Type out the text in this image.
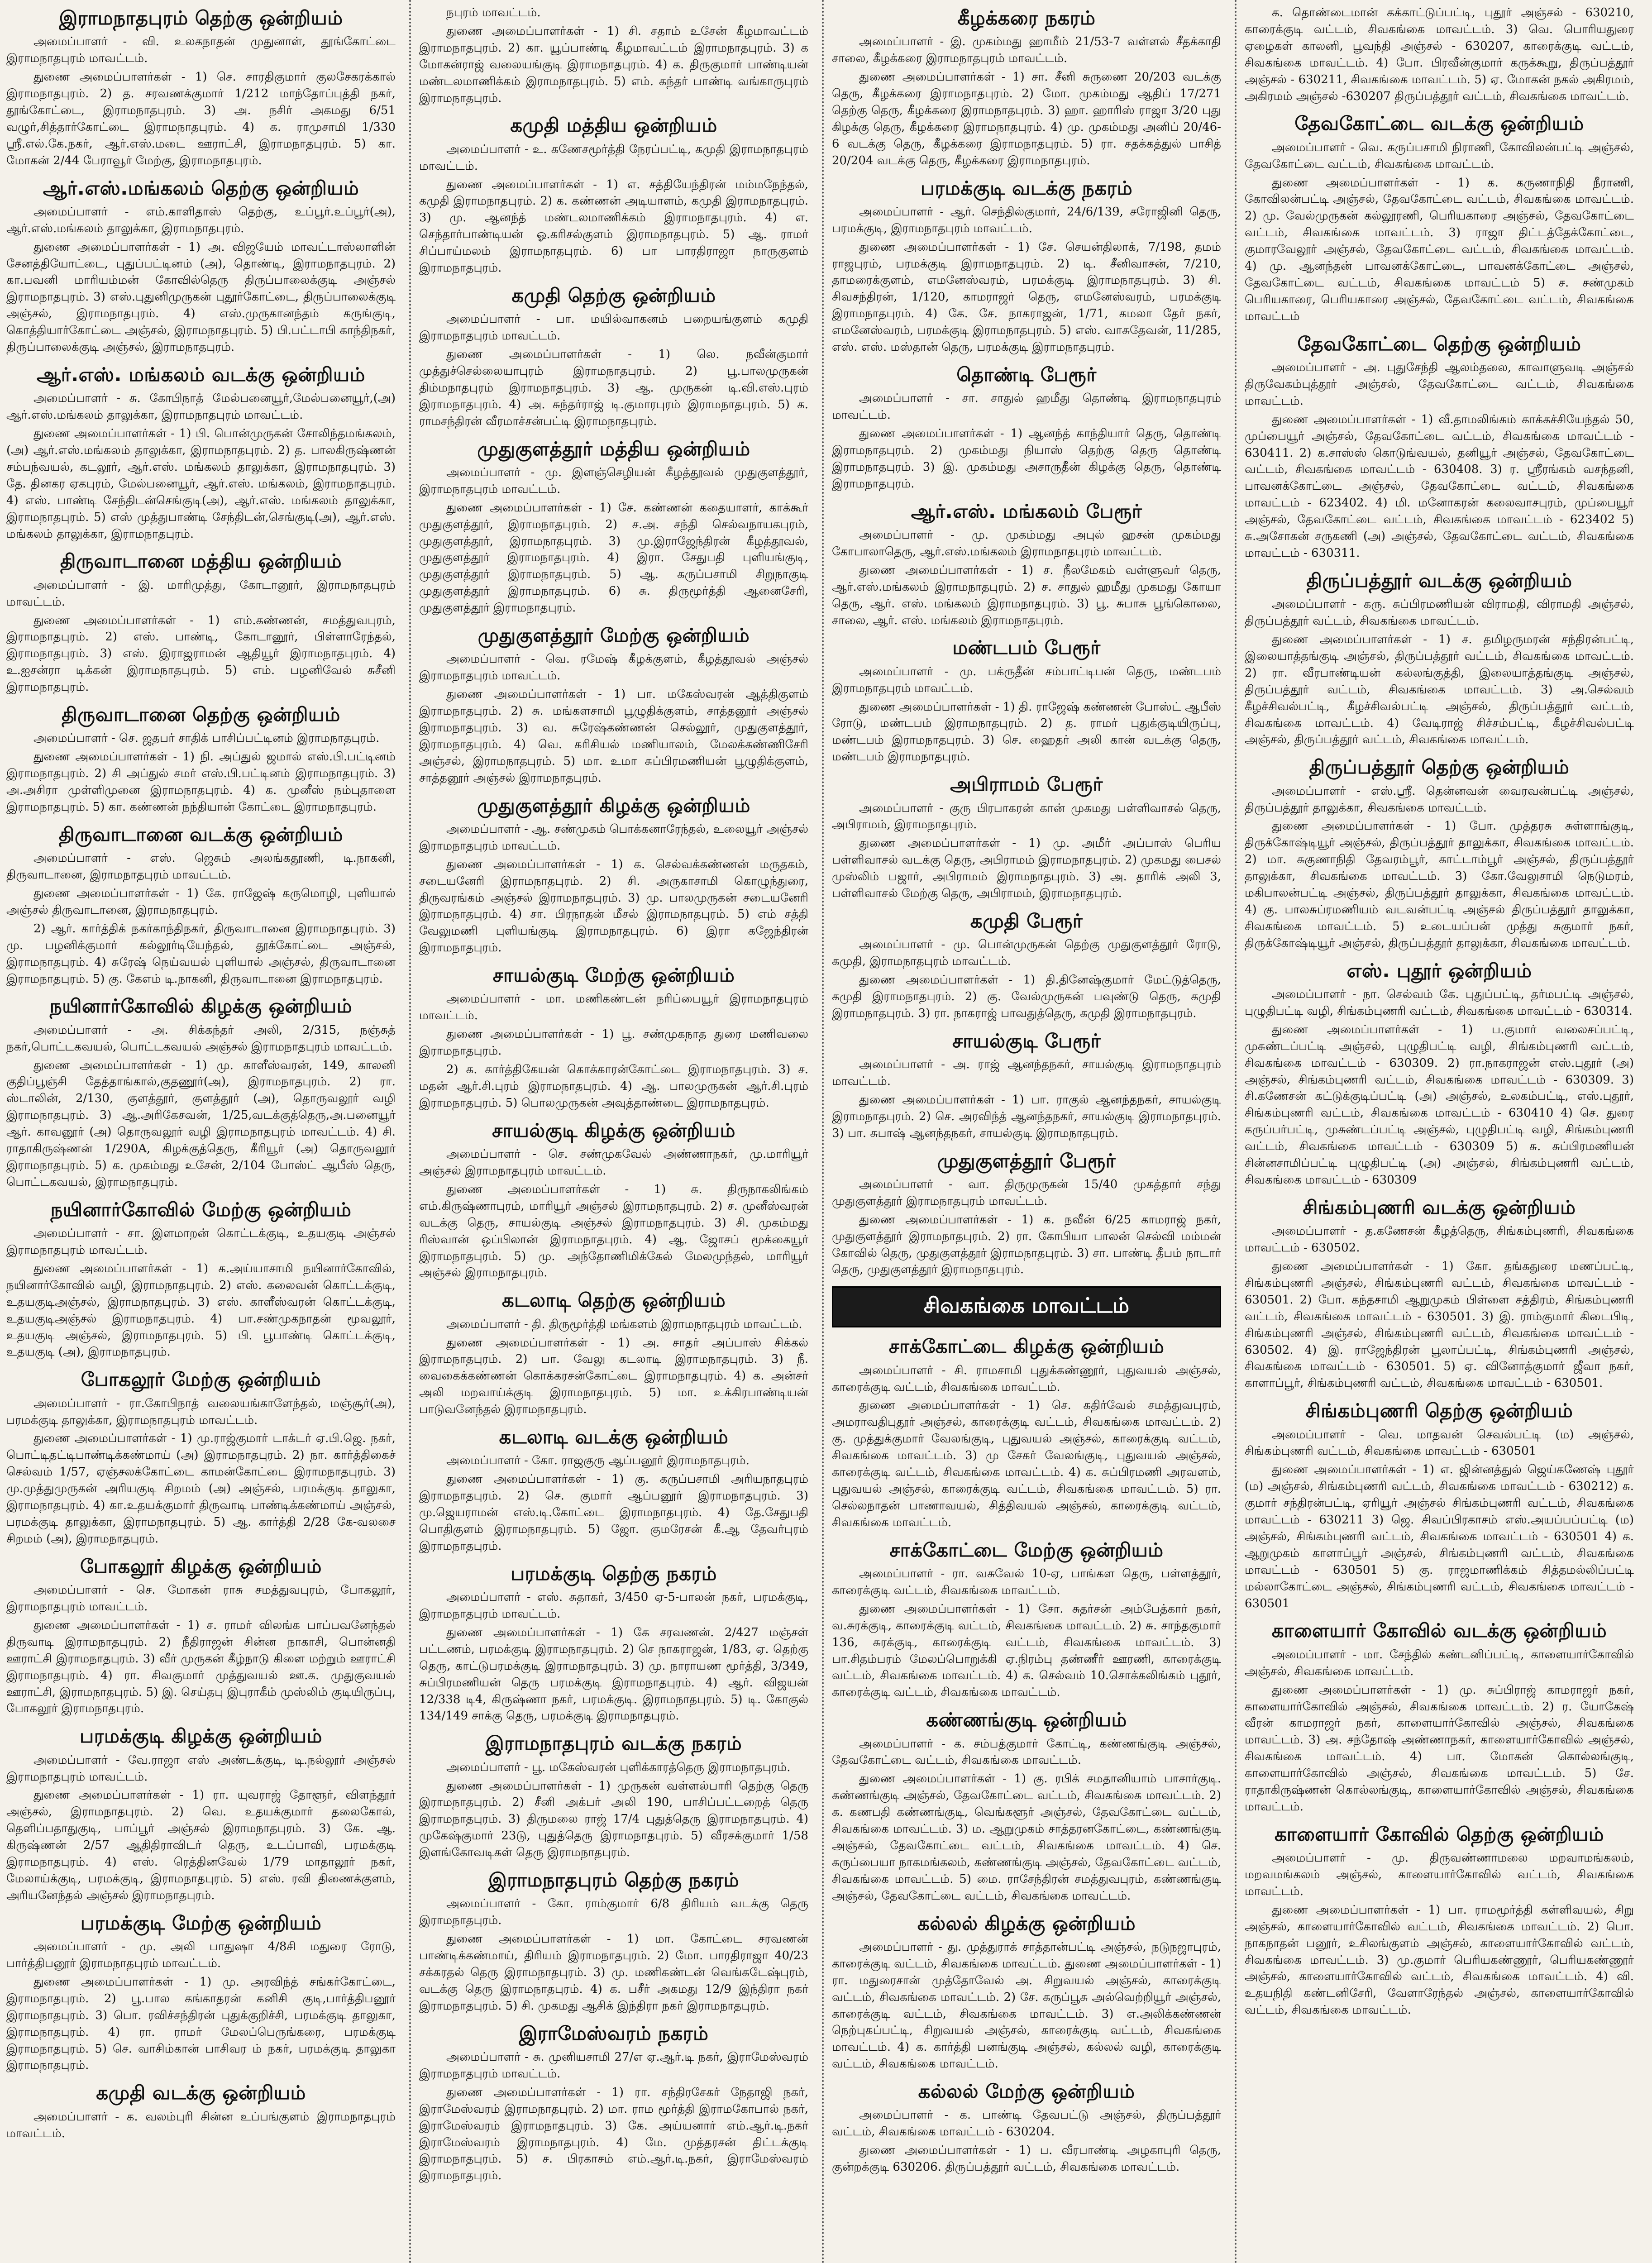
இராமநாதபுரம் தெற்கு ஒன்றியம்
அமைப்பாளர் - வி. உலகநாதன் முதுனாள், தூங்கோட்டை இராமநாதபுரம் மாவட்டம்.
துணை அமைப்பாளர்கள் - 1) செ. சாரதிகுமார் குலசேகரக்கால் இராமநாதபுரம். 2) த. சரவணக்குமார் 1/212 மாந்தோப்புத்தி நகர், தூங்கோட்டை, இராமநாதபுரம். 3) அ. நசிர் அகமது 6/51 வழுர்,சித்தார்கோட்டை இராமநாதபுரம். 4) க. ராமுசாமி 1/330 ஸ்ரீ.எல்.கே.நகர், ஆர்.எஸ்.மடை ஊராட்சி, இராமநாதபுரம். 5) கா. மோகன் 2/44 பேராவூர் மேற்கு, இராமநாதபுரம்.
ஆர்.எஸ்.மங்கலம் தெற்கு ஒன்றியம்
அமைப்பாளர் - எம்.காளிதாஸ் தெற்கு, உப்பூர்.உப்பூர்(அ), ஆர்.எஸ்.மங்கலம் தாலுக்கா, இராமநாதபுரம்.
துணை அமைப்பாளர்கள் - 1) அ. விஜயேம் மாவட்டாஸ்லாளின் சேனத்தியோட்டை, புதுப்பட்டினம் (அ), தொண்டி, இராமநாதபுரம். 2) கா.பவனி மாரியம்மன் கோவில்தெரு திருப்பாலைக்குடி அஞ்சல் இராமநாதபுரம். 3) எஸ்.புதுனிமுருகன் புதூர்கோட்டை, திருப்பாலைக்குடி அஞ்சல், இராமநாதபுரம். 4) எஸ்.முருகானந்தம் கருங்குடி, கொத்தியார்கோட்டை அஞ்சல், இராமநாதபுரம். 5) பி.பட்டாபி காந்திநகர், திருப்பாலைக்குடி அஞ்சல், இராமநாதபுரம்.
ஆர்.எஸ். மங்கலம் வடக்கு ஒன்றியம்
அமைப்பாளர் - சு. கோபிநாத் மேல்பனையூர்,மேல்பனையூர்,(அ) ஆர்.எஸ்.மங்கலம் தாலுக்கா, இராமநாதபுரம் மாவட்டம்.
துணை அமைப்பாளர்கள் - 1) பி. பொன்முருகன் சோலிந்தமங்கலம், (அ) ஆர்.எஸ்.மங்கலம் தாலுக்கா, இராமநாதபுரம். 2) த. பாலகிருஷ்ணன் சம்பந்வயல், கடலூர், ஆர்.எஸ். மங்கலம் தாலுக்கா, இராமநாதபுரம். 3) தே. தினகர ஏகபுரம், மேல்பனையூர், ஆர்.எஸ். மங்கலம், இராமநாதபுரம். 4) எஸ். பாண்டி சேந்திடன்செங்குடி(அ), ஆர்.எஸ். மங்கலம் தாலுக்கா, இராமநாதபுரம். 5) எஸ் முத்துபாண்டி சேந்திடன்,செங்குடி(அ), ஆர்.எஸ். மங்கலம் தாலுக்கா, இராமநாதபுரம்.
திருவாடானை மத்திய ஒன்றியம்
அமைப்பாளர் - இ. மாரிமுத்து, கோடானூர், இராமநாதபுரம் மாவட்டம்.
துணை அமைப்பாளர்கள் - 1) எம்.கண்ணன், சமத்துவபுரம், இராமநாதபுரம். 2) எஸ். பாண்டி, கோடானூர், பிள்ளாரேந்தல், இராமநாதபுரம். 3) எஸ். இராஜராமன் ஆதியூர் இராமநாதபுரம். 4) உ.ஐசன்ரா டிக்கன் இராமநாதபுரம். 5) எம். பழனிவேல் சுசீனி இராமநாதபுரம்.
திருவாடானை தெற்கு ஒன்றியம்
அமைப்பாளர் - செ. ஜதபர் சாதிக் பாசிப்பட்டினம் இராமநாதபுரம்.
துணை அமைப்பாளர்கள் - 1) நி. அப்துல் ஜமால் எஸ்.பி.பட்டினம் இராமநாதபுரம். 2) சி அப்துல் சமர் எஸ்.பி.பட்டினம் இராமநாதபுரம். 3) அ.அசிரா முள்ளிமுனை இராமநாதபுரம். 4) க. முனீஸ் நம்புதாளை இராமநாதபுரம். 5) கா. கண்ணன் நந்தியான் கோட்டை இராமநாதபுரம்.
திருவாடானை வடக்கு ஒன்றியம்
அமைப்பாளர் - எஸ். ஜெசும் அலங்கதூணி, டி.நாகனி, திருவாடானை, இராமநாதபுரம் மாவட்டம்.
துணை அமைப்பாளர்கள் - 1) கே. ராஜேஷ் கருமொழி, புளியால் அஞ்சல் திருவாடானை, இராமநாதபுரம்.
2) ஆர். கார்த்திக் நகர்காந்திநகர், திருவாடானை இராமநாதபுரம். 3) மு. பழனிக்குமார் கல்லூர்டியேந்தல், தூக்கோட்டை அஞ்சல், இராமநாதபுரம். 4) சுரேஷ் நெய்வயல் புளியால் அஞ்சல், திருவாடானை இராமநாதபுரம். 5) கு. கேஎம் டி.நாகனி, திருவாடானை இராமநாதபுரம்.
நயினார்கோவில் கிழக்கு ஒன்றியம்
அமைப்பாளர் - அ. சிக்கந்தர் அலி, 2/315, நஞ்சுத் நகர்,பொட்டகவயல், பொட்டகவயல் அஞ்சல் இராமநாதபுரம் மாவட்டம்.
துணை அமைப்பாளர்கள் - 1) மு. காளீஸ்வரன், 149, காலனி குதிப்பூஞ்சி தேத்தாங்கால்,குதணூர்(அ), இராமநாதபுரம். 2) ரா. ஸ்டாலின், 2/130, குளத்தூர், குளத்தூர் (அ), தொருவலூர் வழி இராமநாதபுரம். 3) ஆ.அரிகேசவன், 1/25,வடக்குத்தெரு,அ.பனையூர் ஆர். காவனூர் (அ) தொருவலூர் வழி இராமநாதபுரம் மாவட்டம். 4) சி. ராதாகிருஷ்ணன் 1/290A, கிழக்குத்தெரு, கீரியூர் (அ) தொருவலூர் இராமநாதபுரம். 5) க. முகம்மது உசேன், 2/104 போஸ்ட் ஆபீஸ் தெரு, பொட்டகவயல், இராமநாதபுரம்.
நயினார்கோவில் மேற்கு ஒன்றியம்
அமைப்பாளர் - சா. இளமாறன் கொட்டக்குடி, உதயகுடி அஞ்சல் இராமநாதபுரம் மாவட்டம்.
துணை அமைப்பாளர்கள் - 1) க.அய்யாசாமி நயினார்கோவில், நயினார்கோவில் வழி, இராமநாதபுரம். 2) எஸ். கலைவன் கொட்டக்குடி, உதயகுடிஅஞ்சல், இராமநாதபுரம். 3) எஸ். காளீஸ்வரன் கொட்டக்குடி, உதயகுடிஅஞ்சல் இராமநாதபுரம். 4) பா.சண்முகநாதன் மூவலூர், உதயகுடி அஞ்சல், இராமநாதபுரம். 5) பி. பூபாண்டி கொட்டக்குடி, உதயகுடி (அ), இராமநாதபுரம்.
போகலூர் மேற்கு ஒன்றியம்
அமைப்பாளர் - ரா.கோபிநாத் வலையங்காளேந்தல், மஞ்சூர்(அ), பரமக்குடி தாலுக்கா, இராமநாதபுரம் மாவட்டம்.
துணை அமைப்பாளர்கள் - 1) மு.ராஜ்குமார் டாக்டர் ஏ.பி.ஜெ. நகர், பொட்டிதட்டிபாண்டிக்கண்மாய் (அ) இராமநாதபுரம். 2) நா. கார்த்திகைச் செல்வம் 1/57, ஏஞ்சலக்கோட்டை காமன்கோட்டை இராமநாதபுரம். 3) மு.முத்துமுருகன் அரியகுடி சிறமம் (அ) அஞ்சல், பரமக்குடி தாலுகா, இராமநாதபுரம். 4) கா.உதயக்குமார் திருவாடி பாண்டிக்கண்மாய் அஞ்சல், பரமக்குடி தாலுக்கா, இராமநாதபுரம். 5) ஆ. கார்த்தி 2/28 கே-வலசை சிறமம் (அ), இராமநாதபுரம்.
போகலூர் கிழக்கு ஒன்றியம்
அமைப்பாளர் - செ. மோகன் ராசு சமத்துவபுரம், போகலூர், இராமநாதபுரம் மாவட்டம்.
துணை அமைப்பாளர்கள் - 1) ச. ராமர் விலங்க பாப்பவனேந்தல் திருவாடி இராமநாதபுரம். 2) நீதிராஜன் சின்ன நாகாசி, பொன்னதி ஊராட்சி இராமநாதபுரம். 3) வீர் முருகன் கீழ்நாடு கிளை மற்றும் ஊராட்சி இராமநாதபுரம். 4) ரா. சிவகுமார் முத்துவயல் ஊ.க. முதுகுவயல் ஊராட்சி, இராமநாதபுரம். 5) இ. செய்தபு இபுராகீம் முஸ்லிம் குடியிருப்பு, போகலூர் இராமநாதபுரம்.
பரமக்குடி கிழக்கு ஒன்றியம்
அமைப்பாளர் - வே.ராஜா எஸ் அண்டக்குடி, டி.நல்லூர் அஞ்சல் இராமநாதபுரம் மாவட்டம்.
துணை அமைப்பாளர்கள் - 1) ரா. யுவராஜ் தோளூர், விளந்தூர் அஞ்சல், இராமநாதபுரம். 2) வெ. உதயக்குமார் தலைகோல், தெளிப்பதாதுகுடி, பாப்பூர் அஞ்சல் இராமநாதபுரம். 3) கே. ஆ. கிருஷ்ணன் 2/57 ஆதிதிராவிடர் தெரு, உடப்பாவி, பரமக்குடி இராமநாதபுரம். 4) எஸ். ரெத்தினவேல் 1/79 மாதாலூர் நகர், மேலாய்க்குடி, பரமக்குடி, இராமநாதபுரம். 5) எஸ். ரவி திணைக்குளம், அரியனேந்தல் அஞ்சல் இராமநாதபுரம்.
பரமக்குடி மேற்கு ஒன்றியம்
அமைப்பாளர் - மு. அலி பாதுஷா 4/8சி மதுரை ரோடு, பார்த்திபனூர் இராமநாதபுரம் மாவட்டம்.
துணை அமைப்பாளர்கள் - 1) மு. அரவிந்த் சங்கர்கோட்டை, இராமநாதபுரம். 2) பூ.பால கங்காதரன் கனிசி குடி,பார்த்திபனூர் இராமநாதபுரம். 3) பொ. ரவிச்சந்திரன் புதுக்குறிச்சி, பரமக்குடி தாலுகா, இராமநாதபுரம். 4) ரா. ராமர் மேலப்பெருங்கரை, பரமக்குடி இராமநாதபுரம். 5) செ. வாசிம்கான் பாசிவர ம் நகர், பரமக்குடி தாலுகா இராமநாதபுரம்.
கமுதி வடக்கு ஒன்றியம்
அமைப்பாளர் - க. வலம்புரி சின்ன உப்பங்குளம் இராமநாதபுரம் மாவட்டம்.
நபுரம் மாவட்டம்.
துணை அமைப்பாளர்கள் - 1) சி. சதாம் உசேன் கீழமாவட்டம் இராமநாதபுரம். 2) கா. யூப்பாண்டி கீழமாவட்டம் இராமநாதபுரம். 3) க மோகன்ராஜ் வலையங்குடி இராமநாதபுரம். 4) க. திருகுமார் பாண்டியன் மண்டலமாணிக்கம் இராமநாதபுரம். 5) எம். கந்தர் பாண்டி வங்காருபுரம் இராமநாதபுரம்.
கமுதி மத்திய ஒன்றியம்
அமைப்பாளர் - உ. கணேசமூர்த்தி நேரப்பட்டி, கமுதி இராமநாதபுரம் மாவட்டம்.
துணை அமைப்பாளர்கள் - 1) எ. சத்தியேந்திரன் மம்மநேந்தல், கமுதி இராமநாதபுரம். 2) க. கண்ணன் அடியாளம், கமுதி இராமநாதபுரம். 3) மு. ஆனந்த் மண்டலமாணிக்கம் இராமநாதபுரம். 4) எ. செந்தார்பாண்டியன் ஓ.கரிசல்குளம் இராமநாதபுரம். 5) ஆ. ராமர் சிப்பாய்மலம் இராமநாதபுரம். 6) பா பாரதிராஜா நாருகுளம் இராமநாதபுரம்.
கமுதி தெற்கு ஒன்றியம்
அமைப்பாளர் - பா. மயில்வாகனம் பறையங்குளம் கமுதி இராமநாதபுரம் மாவட்டம்.
துணை அமைப்பாளர்கள் - 1) லெ. நவீன்குமார் முத்துச்செல்லையாபுரம் இராமநாதபுரம். 2) பூ.பாலமுருகன் திம்மநாதபுரம் இராமநாதபுரம். 3) ஆ. முருகன் டி.வி.எஸ்.புரம் இராமநாதபுரம். 4) அ. சுந்தர்ராஜ் டி.குமாரபுரம் இராமநாதபுரம். 5) க. ராமசந்திரன் வீரமாச்சன்பட்டி இராமநாதபுரம்.
முதுகுளத்தூர் மத்திய ஒன்றியம்
அமைப்பாளர் - மு. இளஞ்செழியன் கீழத்தூவல் முதுகுளத்தூர், இராமநாதபுரம் மாவட்டம்.
துணை அமைப்பாளர்கள் - 1) சே. கண்ணன் கதையாளர், காக்கூர் முதுகுளத்தூர், இராமநாதபுரம். 2) ச.அ. சந்தி செல்வநாயகபுரம், முதுகுளத்தூர், இராமநாதபுரம். 3) மு.இராஜேந்திரன் கீழத்தூவல், முதுகுளத்தூர் இராமநாதபுரம். 4) இரா. சேதுபதி புளியங்குடி, முதுகுளத்தூர் இராமநாதபுரம். 5) ஆ. கருப்பசாமி சிறுநாகுடி முதுகுளத்தூர் இராமநாதபுரம். 6) சு. திருமூர்த்தி ஆனைசேரி, முதுகுளத்தூர் இராமநாதபுரம்.
முதுகுளத்தூர் மேற்கு ஒன்றியம்
அமைப்பாளர் - வெ. ரமேஷ் கீழக்குளம், கீழத்தூவல் அஞ்சல் இராமநாதபுரம் மாவட்டம்.
துணை அமைப்பாளர்கள் - 1) பா. மகேஸ்வரன் ஆத்திகுளம் இராமநாதபுரம். 2) சு. மங்களசாமி பூழுதிக்குளம், சாத்தனூர் அஞ்சல் இராமநாதபுரம். 3) வ. சுரேஷ்கண்ணன் செல்லூர், முதுகுளத்தூர், இராமநாதபுரம். 4) வெ. கரிசியல் மணியாலம், மேலக்கண்ணிசேரி அஞ்சல், இராமநாதபுரம். 5) மா. உமா சுப்பிரமணியன் பூழுதிக்குளம், சாத்தனூர் அஞ்சல் இராமநாதபுரம்.
முதுகுளத்தூர் கிழக்கு ஒன்றியம்
அமைப்பாளர் - ஆ. சண்முகம் பொக்கனாரேந்தல், உலையூர் அஞ்சல் இராமநாதபுரம் மாவட்டம்.
துணை அமைப்பாளர்கள் - 1) க. செல்வக்கண்ணன் மருதகம், சடையனேரி இராமநாதபுரம். 2) சி. அருகாசாமி கொழுந்துரை, திருவரங்கம் அஞ்சல் இராமநாதபுரம். 3) மு. பாலமுருகன் சடையனேரி இராமநாதபுரம். 4) சா. பிரநாதன் மீசல் இராமநாதபுரம். 5) எம் சத்தி வேலுமணி புளியங்குடி இராமநாதபுரம். 6) இரா கஜேந்திரன் இராமநாதபுரம்.
சாயல்குடி மேற்கு ஒன்றியம்
அமைப்பாளர் - மா. மணிகண்டன் நரிப்பையூர் இராமநாதபுரம் மாவட்டம்.
துணை அமைப்பாளர்கள் - 1) பூ. சண்முகநாத துரை மணிவலை இராமநாதபுரம்.
2) க. கார்த்திகேயன் கொக்காரன்கோட்டை இராமநாதபுரம். 3) ச. மதன் ஆர்.சி.புரம் இராமநாதபுரம். 4) ஆ. பாலமுருகன் ஆர்.சி.புரம் இராமநாதபுரம். 5) பொலமுருகன் அவுத்தாண்டை இராமநாதபுரம்.
சாயல்குடி கிழக்கு ஒன்றியம்
அமைப்பாளர் - செ. சண்முகவேல் அண்ணாநகர், மு.மாரியூர் அஞ்சல் இராமநாதபுரம் மாவட்டம்.
துணை அமைப்பாளர்கள் - 1) சு. திருநாகலிங்கம் எம்.கிருஷ்ணாபுரம், மாரியூர் அஞ்சல் இராமநாதபுரம். 2) ச. முனீஸ்வரன் வடக்கு தெரு, சாயல்குடி அஞ்சல் இராமநாதபுரம். 3) சி. முகம்மது ரிஸ்வான் ஒப்பிலான் இராமநாதபுரம். 4) ஆ. ஜோசப் மூக்கையூர் இராமநாதபுரம். 5) மு. அந்தோணிமிக்கேல் மேலமுந்தல், மாரியூர் அஞ்சல் இராமநாதபுரம்.
கடலாடி தெற்கு ஒன்றியம்
அமைப்பாளர் - தி. திருமூர்த்தி மங்களம் இராமநாதபுரம் மாவட்டம்.
துணை அமைப்பாளர்கள் - 1) அ. சாதர் அப்பாஸ் சிக்கல் இராமநாதபுரம். 2) பா. வேலு கடலாடி இராமநாதபுரம். 3) நீ. வைகைக்கண்ணன் கொக்கரசன்கோட்டை இராமநாதபுரம். 4) க. அன்சர் அலி மறவாய்க்குடி இராமநாதபுரம். 5) மா. உக்கிரபாண்டியன் பாடுவனேந்தல் இராமநாதபுரம்.
கடலாடி வடக்கு ஒன்றியம்
அமைப்பாளர் - கோ. ராஜகுரு ஆப்பனூர் இராமநாதபுரம்.
துணை அமைப்பாளர்கள் - 1) கு. கருப்பசாமி அரியநாதபுரம் இராமநாதபுரம். 2) செ. குமார் ஆப்பனூர் இராமநாதபுரம். 3) மு.ஜெயராமன் எஸ்.டி.கோட்டை இராமநாதபுரம். 4) தே.சேதுபதி பொதிகுளம் இராமநாதபுரம். 5) ஜோ. குமரேசன் கீ.ஆ தேவர்புரம் இராமநாதபுரம்.
பரமக்குடி தெற்கு நகரம்
அமைப்பாளர் - எஸ். சுதாகர், 3/450 ஏ-5-பாலன் நகர், பரமக்குடி, இராமநாதபுரம் மாவட்டம்.
துணை அமைப்பாளர்கள் - 1) கே சரவணன். 2/427 மஞ்சள் பட்டணம், பரமக்குடி இராமநாதபுரம். 2) செ நாகராஜன், 1/83, ஏ. தெற்கு தெரு, காட்டுபரமக்குடி இராமநாதபுரம். 3) மு. நாராயண மூர்த்தி, 3/349, சுப்பிரமணியன் தெரு பரமக்குடி இராமநாதபுரம். 4) ஆர். விஜயன் 12/338 டி4, கிருஷ்ணா நகர், பரமக்குடி. இராமநாதபுரம். 5) டி. கோகுல் 134/149 சாக்கு தெரு, பரமக்குடி இராமநாதபுரம்.
இராமநாதபுரம் வடக்கு நகரம்
அமைப்பாளர் - பூ. மகேஸ்வரன் புளிக்காரத்தெரு இராமநாதபுரம்.
துணை அமைப்பாளர்கள் - 1) முருகன் வள்ளல்பாரி தெற்கு தெரு இராமநாதபுரம். 2) சீனி அக்பர் அலி 190, பாசிப்பட்டறைத் தெரு இராமநாதபுரம். 3) திருமலை ராஜ் 17/4 புதுத்தெரு இராமநாதபுரம். 4) முகேஷ்குமார் 23டு, புதுத்தெரு இராமநாதபுரம். 5) வீரசக்குமார் 1/58 இளங்கோவடிகள் தெரு இராமநாதபுரம்.
இராமநாதபுரம் தெற்கு நகரம்
அமைப்பாளர் - கோ. ராம்குமார் 6/8 திரியம் வடக்கு தெரு இராமநாதபுரம்.
துணை அமைப்பாளர்கள் - 1) மா. கோட்டை சரவணன் பாண்டிக்கண்மாய், திரியம் இராமநாதபுரம். 2) மோ. பாரதிராஜா 40/23 சக்கரதல் தெரு இராமநாதபுரம். 3) மு. மணிகண்டன் வெங்கடேஷ்புரம், வடக்கு தெரு இராமநாதபுரம். 4) க. பசீர் அகமது 12/9 இந்திரா நகர் இராமநாதபுரம். 5) சி. முகமது ஆசிக் இந்திரா நகர் இராமநாதபுரம்.
இராமேஸ்வரம் நகரம்
அமைப்பாளர் - சு. முனியசாமி 27/எ ஏ.ஆர்.டி நகர், இராமேஸ்வரம் இராமநாதபுரம் மாவட்டம்.
துணை அமைப்பாளர்கள் - 1) ரா. சந்திரசேகர் நேதாஜி நகர், இராமேஸ்வரம் இராமநாதபுரம். 2) மா. ராம மூர்த்தி இராமகோபால் நகர், இராமேஸ்வரம் இராமநாதபுரம். 3) கே. அய்யனார் எம்.ஆர்.டி.நகர் இராமேஸ்வரம் இராமநாதபுரம். 4) மே. முத்தரசன் திட்டக்குடி இராமநாதபுரம். 5) ச. பிரகாசம் எம்.ஆர்.டி.நகர், இராமேஸ்வரம் இராமநாதபுரம்.
கீழக்கரை நகரம்
அமைப்பாளர் - இ. முகம்மது ஹாமீம் 21/53-7 வள்ளல் சீதக்காதி சாலை, கீழக்கரை இராமநாதபுரம் மாவட்டம்.
துணை அமைப்பாளர்கள் - 1) சா. சீனி சுருணை 20/203 வடக்கு தெரு, கீழக்கரை இராமநாதபுரம். 2) மோ. முகம்மது ஆதிப் 17/271 தெற்கு தெரு, கீழக்கரை இராமநாதபுரம். 3) ஹா. ஹாரிஸ் ராஜா 3/20 புது கிழக்கு தெரு, கீழக்கரை இராமநாதபுரம். 4) மு. முகம்மது அனிப் 20/46-6 வடக்கு தெரு, கீழக்கரை இராமநாதபுரம். 5) ரா. சதக்கத்துல் பாசித் 20/204 வடக்கு தெரு, கீழக்கரை இராமநாதபுரம்.
பரமக்குடி வடக்கு நகரம்
அமைப்பாளர் - ஆர். செந்தில்குமார், 24/6/139, சரோஜினி தெரு, பரமக்குடி, இராமநாதபுரம் மாவட்டம்.
துணை அமைப்பாளர்கள் - 1) சே. செயன்திலாக், 7/198, தமம் ராஜபுரம், பரமக்குடி இராமநாதபுரம். 2) டி. சீனிவாசன், 7/210, தாமரைக்குளம், எமனேஸ்வரம், பரமக்குடி இராமநாதபுரம். 3) சி. சிவசந்திரன், 1/120, காமராஜர் தெரு, எமனேஸ்வரம், பரமக்குடி இராமநாதபுரம். 4) கே. சே. நாகராஜன், 1/71, கமலா தேர் நகர், எமனேஸ்வரம், பரமக்குடி இராமநாதபுரம். 5) எஸ். வாசுதேவன், 11/285, எஸ். எஸ். மஸ்தான் தெரு, பரமக்குடி இராமநாதபுரம்.
தொண்டி பேரூர்
அமைப்பாளர் - சா. சாதுல் ஹமீது தொண்டி இராமநாதபுரம் மாவட்டம்.
துணை அமைப்பாளர்கள் - 1) ஆனந்த் காந்தியார் தெரு, தொண்டி இராமநாதபுரம். 2) முகம்மது நியாஸ் தெற்கு தெரு தொண்டி இராமநாதபுரம். 3) இ. முகம்மது அசாருதீன் கிழக்கு தெரு, தொண்டி இராமநாதபுரம்.
ஆர்.எஸ். மங்கலம் பேரூர்
அமைப்பாளர் - மு. முகம்மது அபுல் ஹசன் முகம்மது கோபாலாதெரு, ஆர்.எஸ்.மங்கலம் இராமநாதபுரம் மாவட்டம்.
துணை அமைப்பாளர்கள் - 1) ச. நீலமேகம் வள்ளுவர் தெரு, ஆர்.எஸ்.மங்கலம் இராமநாதபுரம். 2) ச. சாதுல் ஹமீது முகமது கோயா தெரு, ஆர். எஸ். மங்கலம் இராமநாதபுரம். 3) பூ. சுபாசு பூங்கொலை, சாலை, ஆர். எஸ். மங்கலம் இராமநாதபுரம்.
மண்டபம் பேரூர்
அமைப்பாளர் - மு. பக்ருதீன் சம்பாட்டிபன் தெரு, மண்டபம் இராமநாதபுரம் மாவட்டம்.
துணை அமைப்பாளர்கள் - 1) தி. ராஜேஷ் கண்ணன் போஸ்ட் ஆபீஸ் ரோடு, மண்டபம் இராமநாதபுரம். 2) த. ராமர் புதுக்குடியிருப்பு, மண்டபம் இராமநாதபுரம். 3) செ. ஹைதர் அலி கான் வடக்கு தெரு, மண்டபம் இராமநாதபுரம்.
அபிராமம் பேரூர்
அமைப்பாளர் - குரு பிரபாகரன் கான் முகமது பள்ளிவாசல் தெரு, அபிராமம், இராமநாதபுரம்.
துணை அமைப்பாளர்கள் - 1) மு. அமீர் அப்பாஸ் பெரிய பள்ளிவாசல் வடக்கு தெரு, அபிராமம் இராமநாதபுரம். 2) முகமது பைசல் முஸ்லிம் பஜார், அபிராமம் இராமநாதபுரம். 3) அ. தாரிக் அலி 3, பள்ளிவாசல் மேற்கு தெரு, அபிராமம், இராமநாதபுரம்.
கமுதி பேரூர்
அமைப்பாளர் - மு. பொன்முருகன் தெற்கு முதுகுளத்தூர் ரோடு, கமுதி, இராமநாதபுரம் மாவட்டம்.
துணை அமைப்பாளர்கள் - 1) தி.தினேஷ்குமார் மேட்டுத்தெரு, கமுதி இராமநாதபுரம். 2) கு. வேல்முருகன் பவுண்டு தெரு, கமுதி இராமநாதபுரம். 3) ரா. நாகராஜ் பாவதுத்தெரு, கமுதி இராமநாதபுரம்.
சாயல்குடி பேரூர்
அமைப்பாளர் - அ. ராஜ் ஆனந்தநகர், சாயல்குடி இராமநாதபுரம் மாவட்டம்.
துணை அமைப்பாளர்கள் - 1) பா. ராகுல் ஆனந்தநகர், சாயல்குடி இராமநாதபுரம். 2) செ. அரவிந்த் ஆனந்தநகர், சாயல்குடி இராமநாதபுரம். 3) பா. சுபாஷ் ஆனந்தநகர், சாயல்குடி இராமநாதபுரம்.
முதுகுளத்தூர் பேரூர்
அமைப்பாளர் - வா. திருமுருகன் 15/40 முகத்தார் சந்து முதுகுளத்தூர் இராமநாதபுரம் மாவட்டம்.
துணை அமைப்பாளர்கள் - 1) க. நவீன் 6/25 காமராஜ் நகர், முதுகுளத்தூர் இராமநாதபுரம். 2) ரா. கோபியா பாலன் செல்வி மம்மன் கோவில் தெரு, முதுகுளத்தூர் இராமநாதபுரம். 3) சா. பாண்டி தீபம் நாடார் தெரு, முதுகுளத்தூர் இராமநாதபுரம்.
சிவகங்கை மாவட்டம்
சாக்கோட்டை கிழக்கு ஒன்றியம்
அமைப்பாளர் - சி. ராமசாமி புதுக்கண்ணூர், புதுவயல் அஞ்சல், காரைக்குடி வட்டம், சிவகங்கை மாவட்டம்.
துணை அமைப்பாளர்கள் - 1) செ. கதிர்வேல் சமத்துவபுரம், அமராவதிபுதூர் அஞ்சல், காரைக்குடி வட்டம், சிவகங்கை மாவட்டம். 2) கு. முத்துக்குமார் வேலங்குடி, புதுவயல் அஞ்சல், காரைக்குடி வட்டம், சிவகங்கை மாவட்டம். 3) மு சேகர் வேலங்குடி, புதுவயல் அஞ்சல், காரைக்குடி வட்டம், சிவகங்கை மாவட்டம். 4) க. சுப்பிரமணி அரவளம், புதுவயல் அஞ்சல், காரைக்குடி வட்டம், சிவகங்கை மாவட்டம். 5) ரா. செல்லநாதன் பாணாவயல், சித்திவயல் அஞ்சல், காரைக்குடி வட்டம், சிவகங்கை மாவட்டம்.
சாக்கோட்டை மேற்கு ஒன்றியம்
அமைப்பாளர் - ரா. வசுவேல் 10-ஏ, பாங்கள தெரு, பள்ளத்தூர், காரைக்குடி வட்டம், சிவகங்கை மாவட்டம்.
துணை அமைப்பாளர்கள் - 1) சோ. சுதர்சன் அம்பேத்கார் நகர், வ.சுரக்குடி, காரைக்குடி வட்டம், சிவகங்கை மாவட்டம். 2) சு. சாந்தகுமார் 136, சுரக்குடி, காரைக்குடி வட்டம், சிவகங்கை மாவட்டம். 3) பா.சிதம்பரம் மேலப்பொறுக்கி ஏ.நிரம்பு தண்ணீர் ஊரணி, காரைக்குடி வட்டம், சிவகங்கை மாவட்டம். 4) க. செல்வம் 10.சொக்கலிங்கம் புதூர், காரைக்குடி வட்டம், சிவகங்கை மாவட்டம்.
கண்ணங்குடி ஒன்றியம்
அமைப்பாளர் - க. சம்பத்குமார் கோட்டி, கண்ணங்குடி அஞ்சல், தேவகோட்டை வட்டம், சிவகங்கை மாவட்டம்.
துணை அமைப்பாளர்கள் - 1) கு. ரபிக் சமதானியாம் பாசார்குடி. கண்ணங்குடி அஞ்சல், தேவகோட்டை வட்டம், சிவகங்கை மாவட்டம். 2) க. கணபதி கண்ணங்குடி, வெங்களூர் அஞ்சல், தேவகோட்டை வட்டம், சிவகங்கை மாவட்டம். 3) ம. ஆறுமுகம் சாத்தரனகோட்டை, கண்ணங்குடி அஞ்சல், தேவகோட்டை வட்டம், சிவகங்கை மாவட்டம். 4) செ. கருப்பையா நாகமங்கலம், கண்ணங்குடி அஞ்சல், தேவகோட்டை வட்டம், சிவகங்கை மாவட்டம். 5) மை. ராசேந்திரன் சமத்துவபுரம், கண்ணங்குடி அஞ்சல், தேவகோட்டை வட்டம், சிவகங்கை மாவட்டம்.
கல்லல் கிழக்கு ஒன்றியம்
அமைப்பாளர் - து. முத்துராக் சாத்தான்பட்டி அஞ்சல், நடுநஜாபுரம், காரைக்குடி வட்டம், சிவகங்கை மாவட்டம். துணை அமைப்பாளர்கள் - 1) ரா. மதுரைசான் முத்தோவேல் அ. சிறுவயல் அஞ்சல், காரைக்குடி வட்டம், சிவகங்கை மாவட்டம். 2) சே. கருப்பூசு அல்வெற்றியூர் அஞ்சல், காரைக்குடி வட்டம், சிவகங்கை மாவட்டம். 3) எ.அலிக்கண்ணன் நெற்புகப்பட்டி, சிறுவயல் அஞ்சல், காரைக்குடி வட்டம், சிவகங்கை மாவட்டம். 4) க. கார்த்தி பனங்குடி அஞ்சல், கல்லல் வழி, காரைக்குடி வட்டம், சிவகங்கை மாவட்டம்.
கல்லல் மேற்கு ஒன்றியம்
அமைப்பாளர் - க. பாண்டி தேவபட்டு அஞ்சல், திருப்பத்தூர் வட்டம், சிவகங்கை மாவட்டம் - 630204.
துணை அமைப்பாளர்கள் - 1) ப. வீரபாண்டி அழகாபுரி தெரு, குன்றக்குடி 630206. திருப்பத்தூர் வட்டம், சிவகங்கை மாவட்டம்.
க. தொண்டைமான் கக்காட்டுப்பட்டி, புதூர் அஞ்சல் - 630210, காரைக்குடி வட்டம், சிவகங்கை மாவட்டம். 3) வெ. பொரியதுரை ஏழைகள் காலனி, பூவந்தி அஞ்சல் - 630207, காரைக்குடி வட்டம், சிவகங்கை மாவட்டம். 4) போ. பிரவீன்குமார் கருக்கூறு, திருப்பத்தூர் அஞ்சல் - 630211, சிவகங்கை மாவட்டம். 5) ஏ. மோகன் நகல் அகிரமம், அகிரமம் அஞ்சல் -630207 திருப்பத்தூர் வட்டம், சிவகங்கை மாவட்டம்.
தேவகோட்டை வடக்கு ஒன்றியம்
அமைப்பாளர் - வெ. கருப்பசாமி நிராணி, கோவிலன்பட்டி அஞ்சல், தேவகோட்டை வட்டம், சிவகங்கை மாவட்டம்.
துணை அமைப்பாளர்கள் - 1) க. கருணாநிதி நீராணி, கோவிலன்பட்டி அஞ்சல், தேவகோட்டை வட்டம், சிவகங்கை மாவட்டம். 2) மு. வேல்முருகன் கல்லூரணி, பெரியகாரை அஞ்சல், தேவகோட்டை வட்டம், சிவகங்கை மாவட்டம். 3) ராஜா திட்டத்தேக்கோட்டை, குமாரவேலூர் அஞ்சல், தேவகோட்டை வட்டம், சிவகங்கை மாவட்டம். 4) மு. ஆனந்தன் பாவனக்கோட்டை, பாவனக்கோட்டை அஞ்சல், தேவகோட்டை வட்டம், சிவகங்கை மாவட்டம் 5) ச. சண்முகம் பெரியகாரை, பெரியகாரை அஞ்சல், தேவகோட்டை வட்டம், சிவகங்கை மாவட்டம்
தேவகோட்டை தெற்கு ஒன்றியம்
அமைப்பாளர் - அ. புதுசேந்தி ஆலம்தலை, காவாளுவடி அஞ்சல் திருவேகம்புத்தூர் அஞ்சல், தேவகோட்டை வட்டம், சிவகங்கை மாவட்டம்.
துணை அமைப்பாளர்கள் - 1) வீ.தாமலிங்கம் காக்கச்சியேந்தல் 50, முப்பையூர் அஞ்சல், தேவகோட்டை வட்டம், சிவகங்கை மாவட்டம் - 630411. 2) க.சாஸ்ஸ் கொடுங்வயல், தனியூர் அஞ்சல், தேவகோட்டை வட்டம், சிவகங்கை மாவட்டம் - 630408. 3) ர. ஸ்ரீரங்கம் வசந்தனி, பாவனக்கோட்டை அஞ்சல், தேவகோட்டை வட்டம், சிவகங்கை மாவட்டம் - 623402. 4) மி. மனோகரன் கலைவாசபுரம், முப்பையூர் அஞ்சல், தேவகோட்டை வட்டம், சிவகங்கை மாவட்டம் - 623402 5) சு.அசோகன் சருகணி (அ) அஞ்சல், தேவகோட்டை வட்டம், சிவகங்கை மாவட்டம் - 630311.
திருப்பத்தூர் வடக்கு ஒன்றியம்
அமைப்பாளர் - கரு. சுப்பிரமணியன் விராமதி, விராமதி அஞ்சல், திருப்பத்தூர் வட்டம், சிவகங்கை மாவட்டம்.
துணை அமைப்பாளர்கள் - 1) ச. தமிழருமரன் சந்திரன்பட்டி, இலையாத்தங்குடி அஞ்சல், திருப்பத்தூர் வட்டம், சிவகங்கை மாவட்டம். 2) ரா. வீரபாண்டியன் கல்லங்குத்தி, இலையாத்தங்குடி அஞ்சல், திருப்பத்தூர் வட்டம், சிவகங்கை மாவட்டம். 3) அ.செல்வம் கீழச்சிவல்பட்டி, கீழச்சிவல்பட்டி அஞ்சல், திருப்பத்தூர் வட்டம், சிவகங்கை மாவட்டம். 4) வேடிராஜ் சிச்சம்பட்டி, கீழச்சிவல்பட்டி அஞ்சல், திருப்பத்தூர் வட்டம், சிவகங்கை மாவட்டம்.
திருப்பத்தூர் தெற்கு ஒன்றியம்
அமைப்பாளர் - எஸ்.ஸ்ரீ. தென்னவன் வைரவன்பட்டி அஞ்சல், திருப்பத்தூர் தாலுக்கா, சிவகங்கை மாவட்டம்.
துணை அமைப்பாளர்கள் - 1) போ. முத்தரசு சுள்ளாங்குடி, திருக்கோஷ்டியூர் அஞ்சல், திருப்பத்தூர் தாலுக்கா, சிவகங்கை மாவட்டம். 2) மா. சுகுணாநிதி தேவரம்பூர், காட்டாம்பூர் அஞ்சல், திருப்பத்தூர் தாலுக்கா, சிவகங்கை மாவட்டம். 3) கோ.வேலுசாமி நெடுமரம், மகிபாலன்பட்டி அஞ்சல், திருப்பத்தூர் தாலுக்கா, சிவகங்கை மாவட்டம். 4) கு. பாலசுப்ரமணியம் வடவன்பட்டி அஞ்சல் திருப்பத்தூர் தாலுக்கா, சிவகங்கை மாவட்டம். 5) உடையப்பன் முத்து சுகுமார் நகர், திருக்கோஷ்டியூர் அஞ்சல், திருப்பத்தூர் தாலுக்கா, சிவகங்கை மாவட்டம்.
எஸ். புதூர் ஒன்றியம்
அமைப்பாளர் - நா. செல்வம் கே. புதுப்பட்டி, தர்மபட்டி அஞ்சல், புழுதிபட்டி வழி, சிங்கம்புணரி வட்டம், சிவகங்கை மாவட்டம் - 630314.
துணை அமைப்பாளர்கள் - 1) ப.குமார் வலைசப்பட்டி, முசுண்டப்பட்டி அஞ்சல், புழுதிபட்டி வழி, சிங்கம்புணரி வட்டம், சிவகங்கை மாவட்டம் - 630309. 2) ரா.நாகராஜன் எஸ்.புதூர் (அ) அஞ்சல், சிங்கம்புணரி வட்டம், சிவகங்கை மாவட்டம் - 630309. 3) சி.கணேசன் கட்டுக்குடிப்பட்டி (அ) அஞ்சல், உலகம்பட்டி, எஸ்.புதூர், சிங்கம்புணரி வட்டம், சிவகங்கை மாவட்டம் - 630410 4) செ. துரை கருப்பர்பட்டி, முசுண்டப்பட்டி அஞ்சல், புழுதிபட்டி வழி, சிங்கம்புணரி வட்டம், சிவகங்கை மாவட்டம் - 630309 5) சு. சுப்பிரமணியன் சின்னசாமிப்பட்டி புழுதிபட்டி (அ) அஞ்சல், சிங்கம்புணரி வட்டம், சிவகங்கை மாவட்டம் - 630309
சிங்கம்புணரி வடக்கு ஒன்றியம்
அமைப்பாளர் - த.கணேசன் கீழத்தெரு, சிங்கம்புணரி, சிவகங்கை மாவட்டம் - 630502.
துணை அமைப்பாளர்கள் - 1) கோ. தங்கதுரை மணப்பட்டி, சிங்கம்புணரி அஞ்சல், சிங்கம்புணரி வட்டம், சிவகங்கை மாவட்டம் - 630501. 2) போ. கந்தசாமி ஆறுமுகம் பிள்ளை சத்திரம், சிங்கம்புணரி வட்டம், சிவகங்கை மாவட்டம் - 630501. 3) இ. ராம்குமார் கிடைபிடி, சிங்கம்புணரி அஞ்சல், சிங்கம்புணரி வட்டம், சிவகங்கை மாவட்டம் - 630502. 4) இ. ராஜேந்திரன் பூலாப்பட்டி, சிங்கம்புணரி அஞ்சல், சிவகங்கை மாவட்டம் - 630501. 5) ஏ. வினோத்குமார் ஜீவா நகர், காளாப்பூர், சிங்கம்புணரி வட்டம், சிவகங்கை மாவட்டம் - 630501.
சிங்கம்புணரி தெற்கு ஒன்றியம்
அமைப்பாளர் - வெ. மாதவன் செவல்பட்டி (ம) அஞ்சல், சிங்கம்புணரி வட்டம், சிவகங்கை மாவட்டம் - 630501
துணை அமைப்பாளர்கள் - 1) எ. ஜின்னத்துல் ஜெய்கணேஷ் புதூர் (ம) அஞ்சல், சிங்கம்புணரி வட்டம், சிவகங்கை மாவட்டம் - 630212) சு. குமார் சந்திரன்பட்டி, ஏரியூர் அஞ்சல் சிங்கம்புணரி வட்டம், சிவகங்கை மாவட்டம் - 630211 3) ஜெ. சிவப்பிரகாசம் எஸ்.அயப்பப்பட்டி (ம) அஞ்சல், சிங்கம்புணரி வட்டம், சிவகங்கை மாவட்டம் - 630501 4) க. ஆறுமுகம் காளாப்பூர் அஞ்சல், சிங்கம்புணரி வட்டம், சிவகங்கை மாவட்டம் - 630501 5) கு. ராஜமாணிக்கம் சித்தமல்லிப்பட்டி மல்லாகோட்டை அஞ்சல், சிங்கம்புணரி வட்டம், சிவகங்கை மாவட்டம் - 630501
காளையார் கோவில் வடக்கு ஒன்றியம்
அமைப்பாளர் - மா. சேந்தில் கண்டனிப்பட்டி, காளையார்கோவில் அஞ்சல், சிவகங்கை மாவட்டம்.
துணை அமைப்பாளர்கள் - 1) மு. சுப்பிராஜ் காமராஜர் நகர், காளையார்கோவில் அஞ்சல், சிவகங்கை மாவட்டம். 2) ர. யோகேஷ் வீரன் காமராஜர் நகர், காளையார்கோவில் அஞ்சல், சிவகங்கை மாவட்டம். 3) அ. சந்தோஷ் அண்ணாநகர், காளையார்கோவில் அஞ்சல், சிவகங்கை மாவட்டம். 4) பா. மோகன் கொல்லங்குடி, காளையார்கோவில் அஞ்சல், சிவகங்கை மாவட்டம். 5) சே. ராதாகிருஷ்ணன் கொல்லங்குடி, காளையார்கோவில் அஞ்சல், சிவகங்கை மாவட்டம்.
காளையார் கோவில் தெற்கு ஒன்றியம்
அமைப்பாளர் - மு. திருவண்ணாமலை மறவாமங்கலம், மறவமங்கலம் அஞ்சல், காளையார்கோவில் வட்டம், சிவகங்கை மாவட்டம்.
துணை அமைப்பாளர்கள் - 1) பா. ராமமூர்த்தி கள்ளிவயல், சிறு அஞ்சல், காளையார்கோவில் வட்டம், சிவகங்கை மாவட்டம். 2) பொ. நாகநாதன் பனூர், உசிலங்குளம் அஞ்சல், காளையார்கோவில் வட்டம், சிவகங்கை மாவட்டம். 3) மு.குமார் பெரியகண்ணூர், பெரியகண்ணூர் அஞ்சல், காளையார்கோவில் வட்டம், சிவகங்கை மாவட்டம். 4) வி. உதயநிதி கண்டனிசேரி, வேளாரேந்தல் அஞ்சல், காளையார்கோவில் வட்டம், சிவகங்கை மாவட்டம்.
